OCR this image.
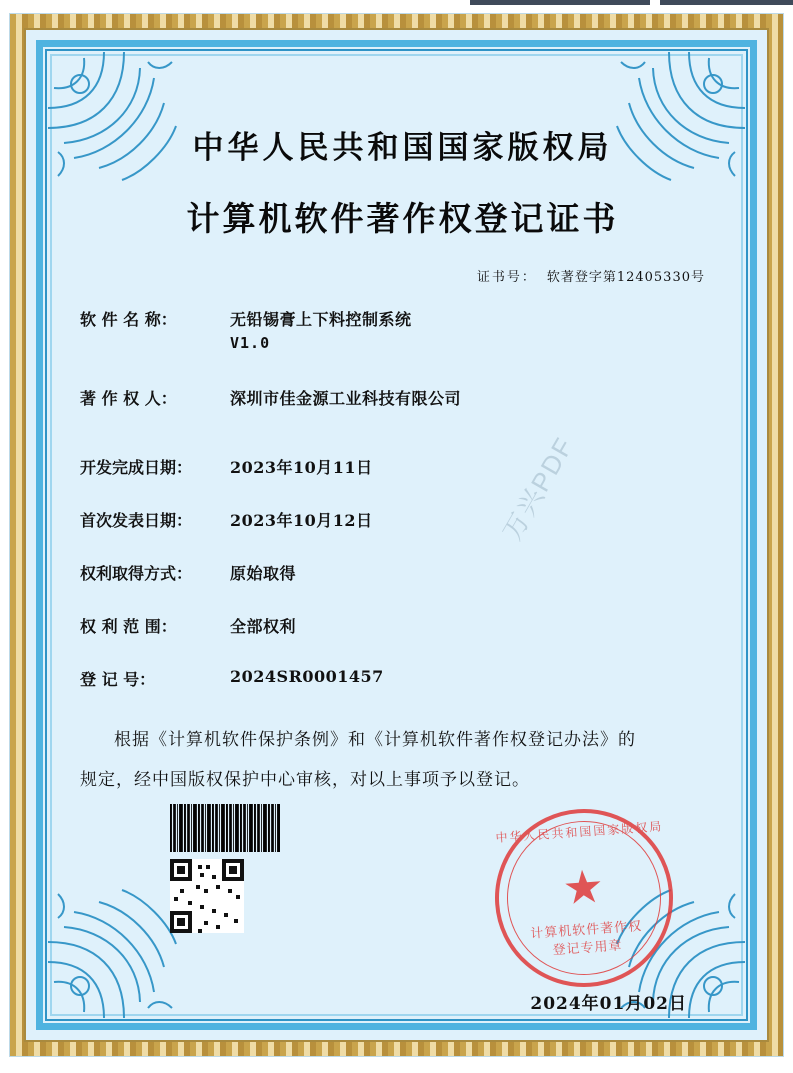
中华人民共和国国家版权局
计算机软件著作权登记证书
证书号： 软著登字第12405330号
软 件 名 称：	无铅锡膏上下料控制系统
V1.0
著 作 权 人：	深圳市佳金源工业科技有限公司
开发完成日期：	2023年10月11日
首次发表日期：	2023年10月12日
权利取得方式：	原始取得
权 利 范 围：	全部权利
登 记 号：	2024SR0001457
根据《计算机软件保护条例》和《计算机软件著作权登记办法》的
规定，经中国版权保护中心审核，对以上事项予以登记。
万兴PDF
中华人民共和国国家版权局
★
计算机软件著作权
登记专用章
2024年01月02日
